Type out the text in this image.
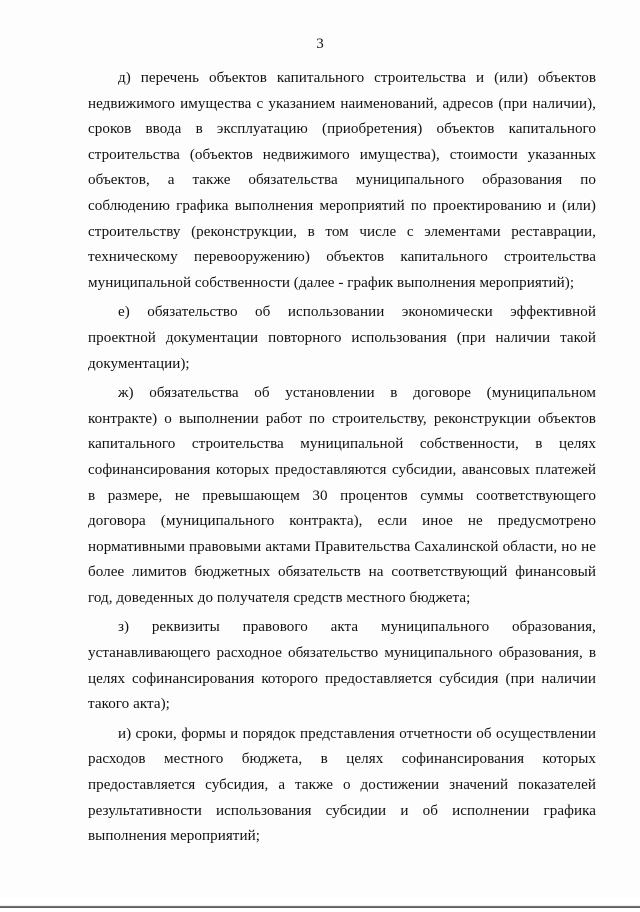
3

д) перечень объектов капитального строительства и (или) объектов недвижимого имущества с указанием наименований, адресов (при наличии), сроков ввода в эксплуатацию (приобретения) объектов капитального строительства (объектов недвижимого имущества), стоимости указанных объектов, а также обязательства муниципального образования по соблюдению графика выполнения мероприятий по проектированию и (или) строительству (реконструкции, в том числе с элементами реставрации, техническому перевооружению) объектов капитального строительства муниципальной собственности (далее - график выполнения мероприятий);

е) обязательство об использовании экономически эффективной проектной документации повторного использования (при наличии такой документации);

ж) обязательства об установлении в договоре (муниципальном контракте) о выполнении работ по строительству, реконструкции объектов капитального строительства муниципальной собственности, в целях софинансирования которых предоставляются субсидии, авансовых платежей в размере, не превышающем 30 процентов суммы соответствующего договора (муниципального контракта), если иное не предусмотрено нормативными правовыми актами Правительства Сахалинской области, но не более лимитов бюджетных обязательств на соответствующий финансовый год, доведенных до получателя средств местного бюджета;

з) реквизиты правового акта муниципального образования, устанавливающего расходное обязательство муниципального образования, в целях софинансирования которого предоставляется субсидия (при наличии такого акта);

и) сроки, формы и порядок представления отчетности об осуществлении расходов местного бюджета, в целях софинансирования которых предоставляется субсидия, а также о достижении значений показателей результативности использования субсидии и об исполнении графика выполнения мероприятий;
